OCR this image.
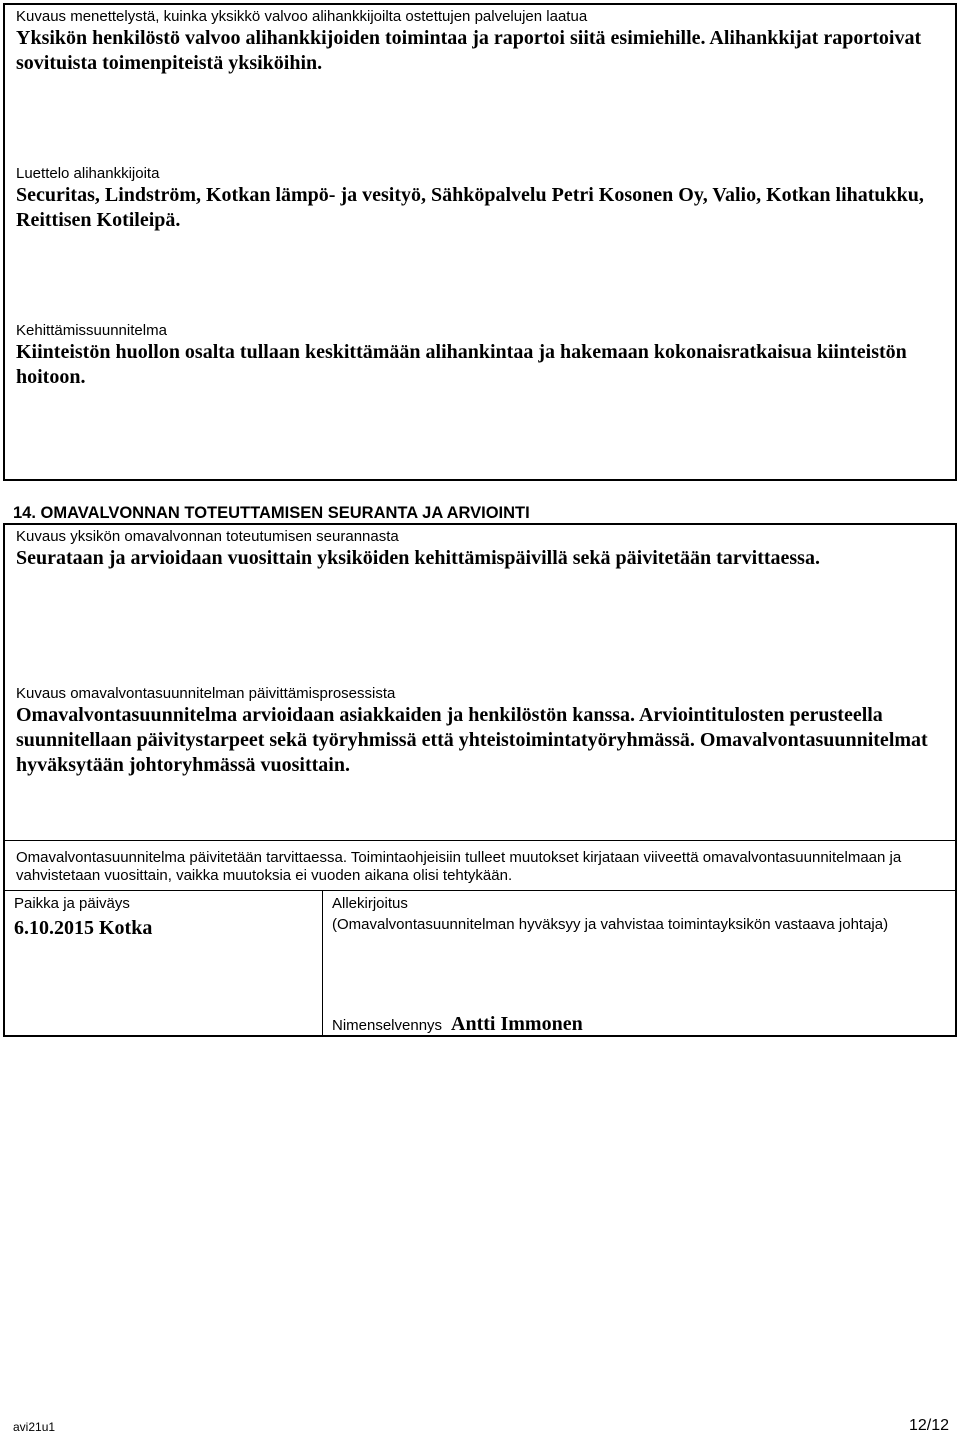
Kuvaus menettelystä, kuinka yksikkö valvoo alihankkijoilta ostettujen palvelujen laatua

Yksikön henkilöstö valvoo alihankkijoiden toimintaa ja raportoi siitä esimiehille. Alihankkijat raportoivat sovituista toimenpiteistä yksiköihin.

Luettelo alihankkijoita

Securitas, Lindström, Kotkan lämpö- ja vesityö, Sähköpalvelu Petri Kosonen Oy, Valio, Kotkan lihatukku, Reittisen Kotileipä.

Kehittämissuunnitelma

Kiinteistön huollon osalta tullaan keskittämään alihankintaa ja hakemaan kokonaisratkaisua kiinteistön hoitoon.

14. OMAVALVONNAN TOTEUTTAMISEN SEURANTA JA ARVIOINTI

Kuvaus yksikön omavalvonnan toteutumisen seurannasta

Seurataan ja arvioidaan vuosittain yksiköiden kehittämispäivillä sekä päivitetään tarvittaessa.

Kuvaus omavalvontasuunnitelman päivittämisprosessista

Omavalvontasuunnitelma arvioidaan asiakkaiden ja henkilöstön kanssa. Arviointitulosten perusteella suunnitellaan päivitystarpeet sekä työryhmissä että yhteistoimintatyöryhmässä. Omavalvontasuunnitelmat hyväksytään johtoryhmässä vuosittain.

Omavalvontasuunnitelma päivitetään tarvittaessa. Toimintaohjeisiin tulleet muutokset kirjataan viiveettä omavalvontasuunnitelmaan ja vahvistetaan vuosittain, vaikka muutoksia ei vuoden aikana olisi tehtykään.

Paikka ja päiväys

6.10.2015 Kotka

Allekirjoitus

(Omavalvontasuunnitelman hyväksyy ja vahvistaa toimintayksikön vastaava johtaja)

Nimenselvennys Antti Immonen
avi21u1	12/12
